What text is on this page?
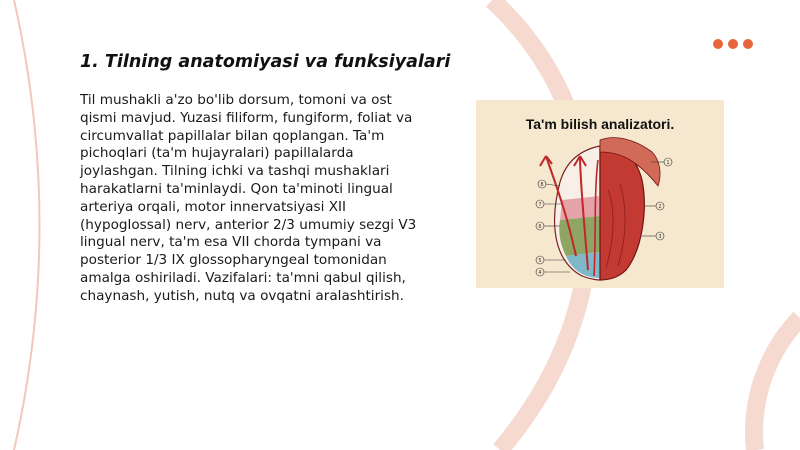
1. Tilning anatomiyasi va funksiyalari

Til mushakli a'zo bo'lib dorsum, tomoni va ost qismi mavjud. Yuzasi filiform, fungiform, foliat va circumvallat papillalar bilan qoplangan. Ta'm pichoqlari (ta'm hujayralari) papillalarda joylashgan. Tilning ichki va tashqi mushaklari harakatlarni ta'minlaydi. Qon ta'minoti lingual arteriya orqali, motor innervatsiyasi XII (hypoglossal) nerv, anterior 2/3 umumiy sezgi V3 lingual nerv, ta'm esa VII chorda tympani va posterior 1/3 IX glossopharyngeal tomonidan amalga oshiriladi. Vazifalari: ta'mni qabul qilish, chaynash, yutish, nutq va ovqatni aralashtirish.

Ta'm bilish analizatori.
1
2
3
8
7
6
5
4
